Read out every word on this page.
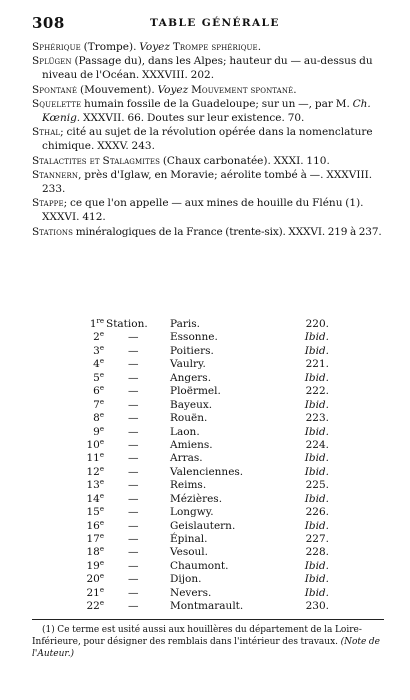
308	TABLE GÉNÉRALE

Sphérique (Trompe). Voyez Trompe sphérique.

Splügen (Passage du), dans les Alpes; hauteur du — au-dessus du niveau de l'Océan. XXXVIII. 202.

Spontané (Mouvement). Voyez Mouvement spontané.

Squelette humain fossile de la Guadeloupe; sur un —, par M. Ch. Kœnig. XXXVII. 66. Doutes sur leur existence. 70.

Sthal; cité au sujet de la révolution opérée dans la nomenclature chimique. XXXV. 243.

Stalactites et Stalagmites (Chaux carbonatée). XXXI. 110.

Stannern, près d'Iglaw, en Moravie; aérolite tombé à —. XXXVIII. 233.

Stappe; ce que l'on appelle — aux mines de houille du Flénu (1). XXXVI. 412.

Stations minéralogiques de la France (trente-six). XXXVI. 219 à 237.

1re Station. Paris.	220.
2e —	Essonne.	Ibid.
3e —	Poitiers.	Ibid.
4e —	Vaulry.	221.
5e —	Angers.	Ibid.
6e —	Ploërmel.	222.
7e —	Bayeux.	Ibid.
8e —	Rouën.	223.
9e —	Laon.	Ibid.
10e —	Amiens.	224.
11e —	Arras.	Ibid.
12e —	Valenciennes.	Ibid.
13e —	Reims.	225.
14e —	Mézières.	Ibid.
15e —	Longwy.	226.
16e —	Geislautern.	Ibid.
17e —	Épinal.	227.
18e —	Vesoul.	228.
19e —	Chaumont.	Ibid.
20e —	Dijon.	Ibid.
21e —	Nevers.	Ibid.
22e —	Montmarault.	230.
(1) Ce terme est usité aussi aux houillères du département de la Loire-Inférieure, pour désigner des remblais dans l'intérieur des travaux. (Note de l'Auteur.)
